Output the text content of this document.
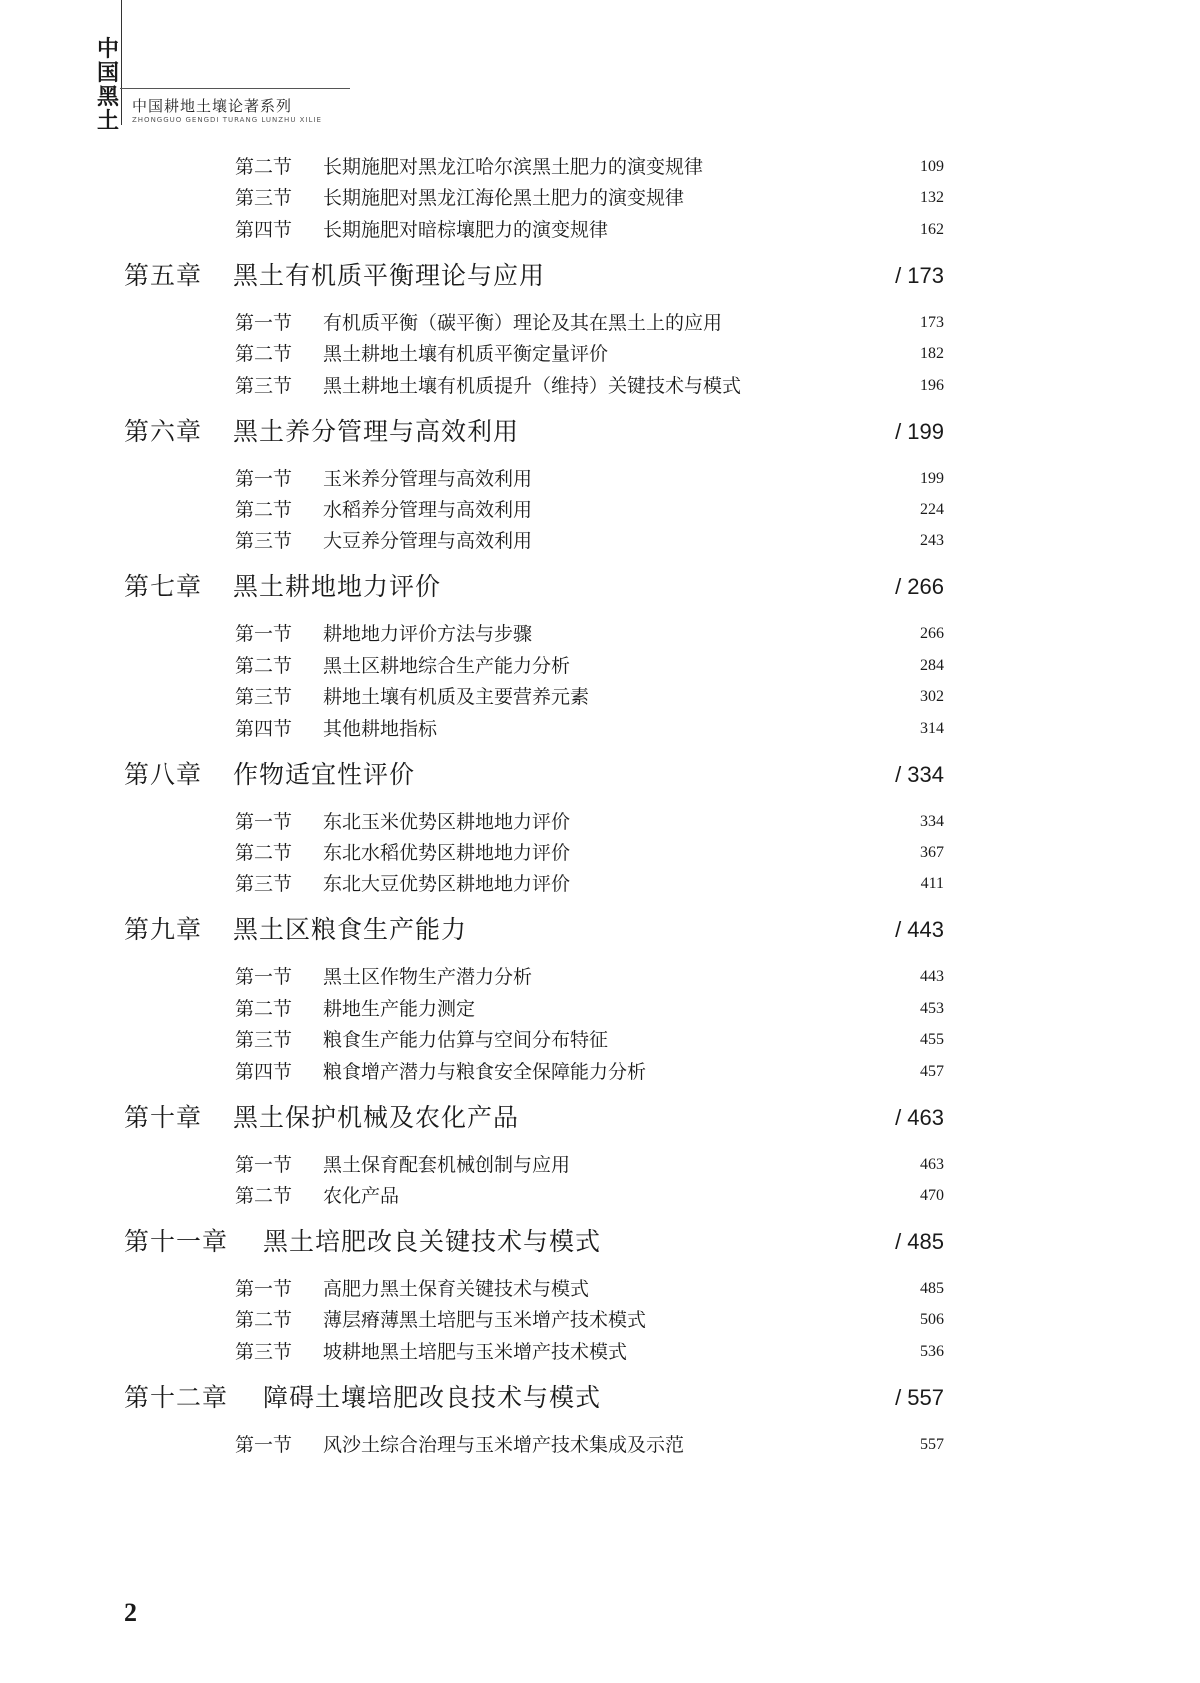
中国黑土
中国耕地土壤论著系列
ZHONGGUO GENGDI TURANG LUNZHU XILIE
第二节 长期施肥对黑龙江哈尔滨黑土肥力的演变规律	109
第三节 长期施肥对黑龙江海伦黑土肥力的演变规律	132
第四节 长期施肥对暗棕壤肥力的演变规律	162
第五章 黑土有机质平衡理论与应用	/ 173
第一节 有机质平衡（碳平衡）理论及其在黑土上的应用	173
第二节 黑土耕地土壤有机质平衡定量评价	182
第三节 黑土耕地土壤有机质提升（维持）关键技术与模式	196
第六章 黑土养分管理与高效利用	/ 199
第一节 玉米养分管理与高效利用	199
第二节 水稻养分管理与高效利用	224
第三节 大豆养分管理与高效利用	243
第七章 黑土耕地地力评价	/ 266
第一节 耕地地力评价方法与步骤	266
第二节 黑土区耕地综合生产能力分析	284
第三节 耕地土壤有机质及主要营养元素	302
第四节 其他耕地指标	314
第八章 作物适宜性评价	/ 334
第一节 东北玉米优势区耕地地力评价	334
第二节 东北水稻优势区耕地地力评价	367
第三节 东北大豆优势区耕地地力评价	411
第九章 黑土区粮食生产能力	/ 443
第一节 黑土区作物生产潜力分析	443
第二节 耕地生产能力测定	453
第三节 粮食生产能力估算与空间分布特征	455
第四节 粮食增产潜力与粮食安全保障能力分析	457
第十章 黑土保护机械及农化产品	/ 463
第一节 黑土保育配套机械创制与应用	463
第二节 农化产品	470
第十一章 黑土培肥改良关键技术与模式	/ 485
第一节 高肥力黑土保育关键技术与模式	485
第二节 薄层瘠薄黑土培肥与玉米增产技术模式	506
第三节 坡耕地黑土培肥与玉米增产技术模式	536
第十二章 障碍土壤培肥改良技术与模式	/ 557
第一节 风沙土综合治理与玉米增产技术集成及示范	557
2
